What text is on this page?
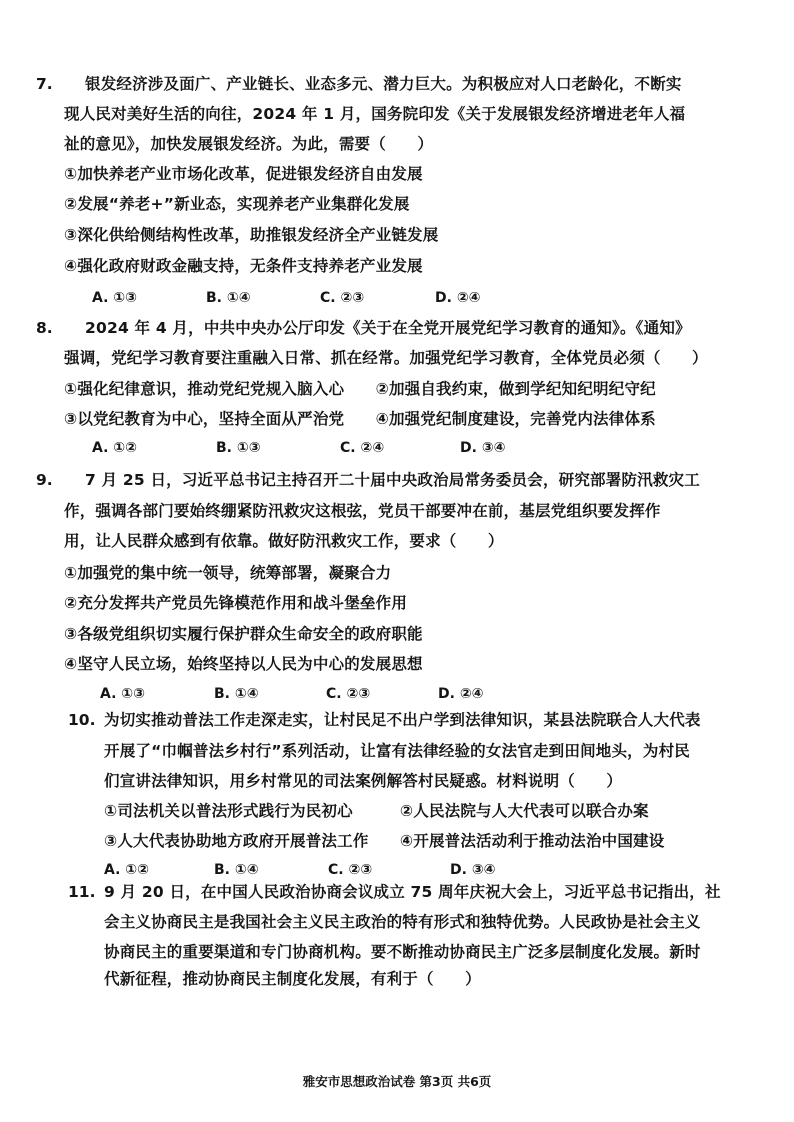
7. 银发经济涉及面广、产业链长、业态多元、潜力巨大。为积极应对人口老龄化，不断实
现人民对美好生活的向往，2024 年 1 月，国务院印发《关于发展银发经济增进老年人福
祉的意见》，加快发展银发经济。为此，需要（　　）
①加快养老产业市场化改革，促进银发经济自由发展
②发展“养老+”新业态，实现养老产业集群化发展
③深化供给侧结构性改革，助推银发经济全产业链发展
④强化政府财政金融支持，无条件支持养老产业发展
A. ①③	B. ①④	C. ②③	D. ②④
8. 2024 年 4 月，中共中央办公厅印发《关于在全党开展党纪学习教育的通知》。《通知》
强调，党纪学习教育要注重融入日常、抓在经常。加强党纪学习教育，全体党员必须（　　）
①强化纪律意识，推动党纪党规入脑入心　　②加强自我约束，做到学纪知纪明纪守纪
③以党纪教育为中心，坚持全面从严治党　　④加强党纪制度建设，完善党内法律体系
A. ①②	B. ①③	C. ②④	D. ③④
9. 7 月 25 日，习近平总书记主持召开二十届中央政治局常务委员会，研究部署防汛救灾工
作，强调各部门要始终绷紧防汛救灾这根弦，党员干部要冲在前，基层党组织要发挥作
用，让人民群众感到有依靠。做好防汛救灾工作，要求（　　）
①加强党的集中统一领导，统筹部署，凝聚合力
②充分发挥共产党员先锋模范作用和战斗堡垒作用
③各级党组织切实履行保护群众生命安全的政府职能
④坚守人民立场，始终坚持以人民为中心的发展思想
A. ①③	B. ①④	C. ②③	D. ②④
10. 为切实推动普法工作走深走实，让村民足不出户学到法律知识，某县法院联合人大代表
开展了“巾帼普法乡村行”系列活动，让富有法律经验的女法官走到田间地头，为村民
们宣讲法律知识，用乡村常见的司法案例解答村民疑惑。材料说明（　　）
①司法机关以普法形式践行为民初心　　　②人民法院与人大代表可以联合办案
③人大代表协助地方政府开展普法工作　　④开展普法活动利于推动法治中国建设
A. ①②	B. ①④	C. ②③	D. ③④
11. 9 月 20 日，在中国人民政治协商会议成立 75 周年庆祝大会上，习近平总书记指出，社
会主义协商民主是我国社会主义民主政治的特有形式和独特优势。人民政协是社会主义
协商民主的重要渠道和专门协商机构。要不断推动协商民主广泛多层制度化发展。新时
代新征程，推动协商民主制度化发展，有利于（　　）
雅安市思想政治试卷 第3页 共6页
